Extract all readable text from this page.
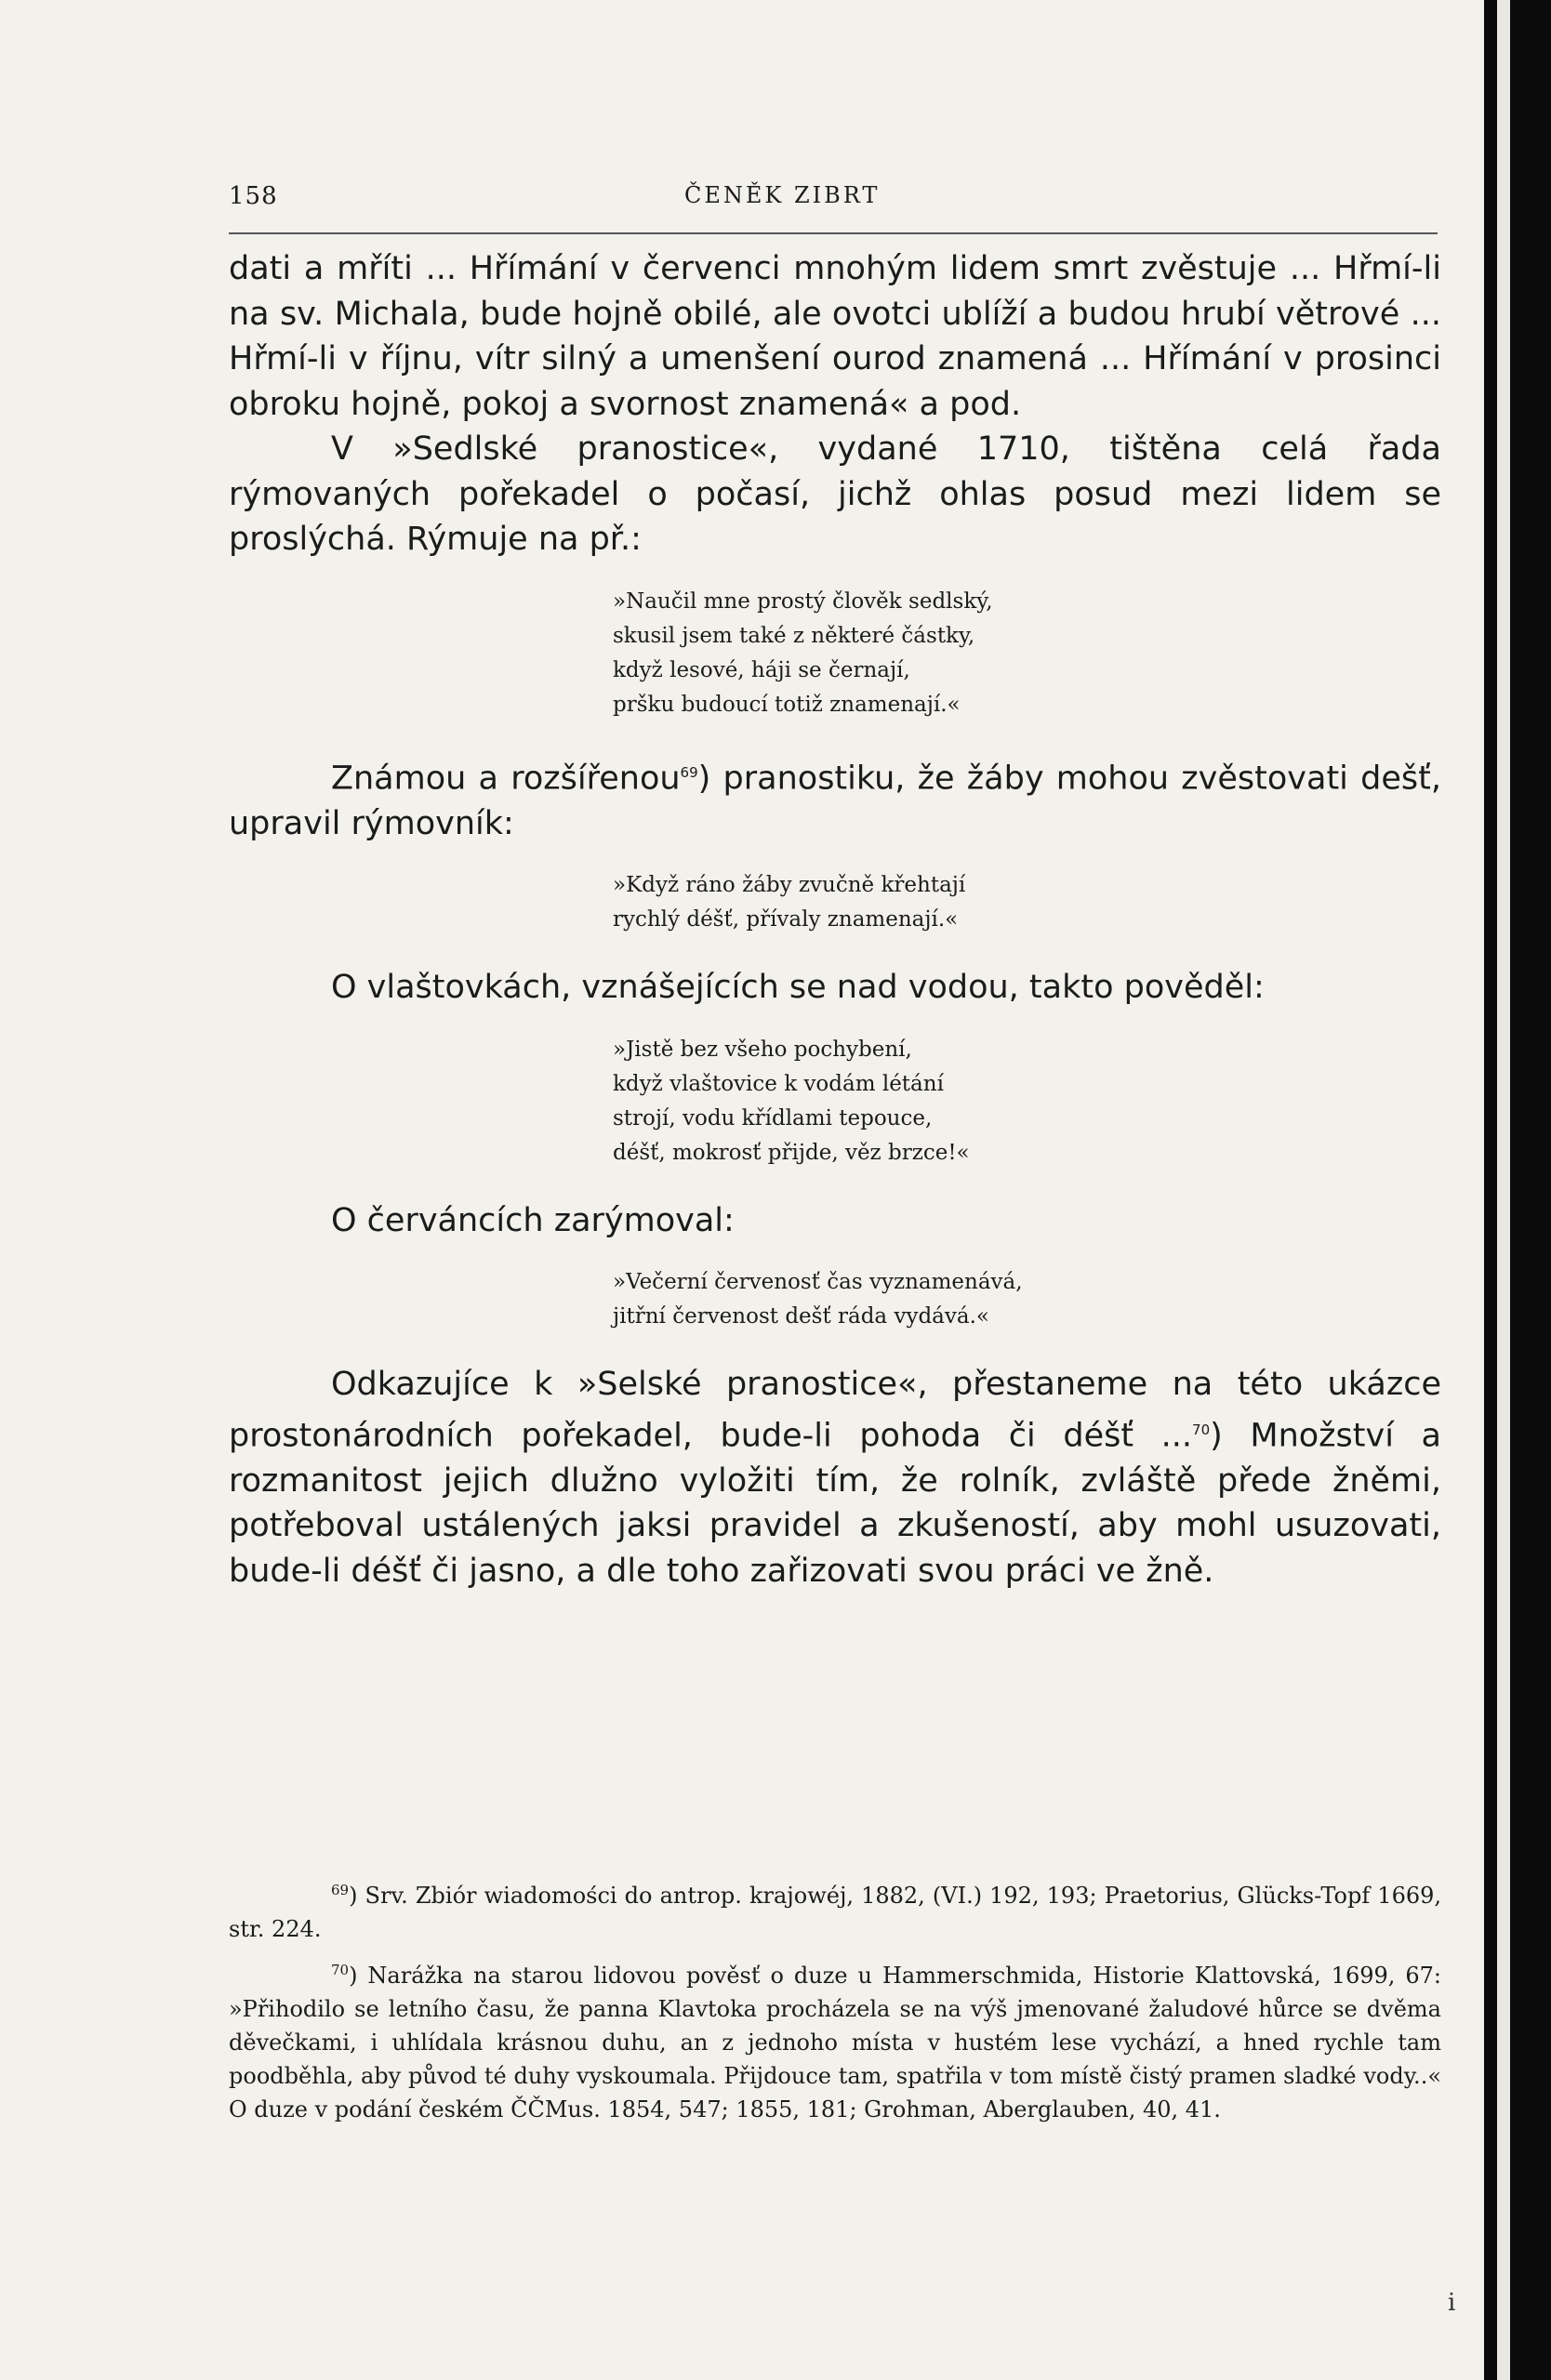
158	ČENĚK ZIBRT

dati a mříti ... Hřímání v červenci mnohým lidem smrt zvěstuje ... Hřmí-li na sv. Michala, bude hojně obilé, ale ovotci ublíží a budou hrubí větrové ... Hřmí-li v říjnu, vítr silný a umenšení ourod znamená ... Hřímání v prosinci obroku hojně, pokoj a svornost znamená« a pod.

V »Sedlské pranostice«, vydané 1710, tištěna celá řada rýmovaných pořekadel o počasí, jichž ohlas posud mezi lidem se proslýchá. Rýmuje na př.:

»Naučil mne prostý člověk sedlský,
skusil jsem také z některé částky,
když lesové, háji se černají,
pršku budoucí totiž znamenají.«

Známou a rozšířenou$^{69}$) pranostiku, že žáby mohou zvěstovati dešť, upravil rýmovník:

»Když ráno žáby zvučně křehtají
rychlý déšť, přívaly znamenají.«

O vlaštovkách, vznášejících se nad vodou, takto pověděl:

»Jistě bez všeho pochybení,
když vlaštovice k vodám létání
strojí, vodu křídlami tepouce,
déšť, mokrosť přijde, věz brzce!«

O červáncích zarýmoval:

»Večerní červenosť čas vyznamenává,
jitřní červenost dešť ráda vydává.«

Odkazujíce k »Selské pranostice«, přestaneme na této ukázce prostonárodních pořekadel, bude-li pohoda či déšť ...$^{70}$) Množství a rozmanitost jejich dlužno vyložiti tím, že rolník, zvláště přede žněmi, potřeboval ustálených jaksi pravidel a zkušeností, aby mohl usuzovati, bude-li déšť či jasno, a dle toho zařizovati svou práci ve žně.

$^{69}$) Srv. Zbiór wiadomości do antrop. krajowéj, 1882, (VI.) 192, 193; Praetorius, Glücks-Topf 1669, str. 224.

$^{70}$) Narážka na starou lidovou pověsť o duze u Hammerschmida, Historie Klattovská, 1699, 67: »Přihodilo se letního času, že panna Klavtoka procházela se na výš jmenované žaludové hůrce se dvěma děvečkami, i uhlídala krásnou duhu, an z jednoho místa v hustém lese vychází, a hned rychle tam poodběhla, aby původ té duhy vyskoumala. Přijdouce tam, spatřila v tom místě čistý pramen sladké vody..« O duze v podání českém ČČMus. 1854, 547; 1855, 181; Grohman, Aberglauben, 40, 41.

i
